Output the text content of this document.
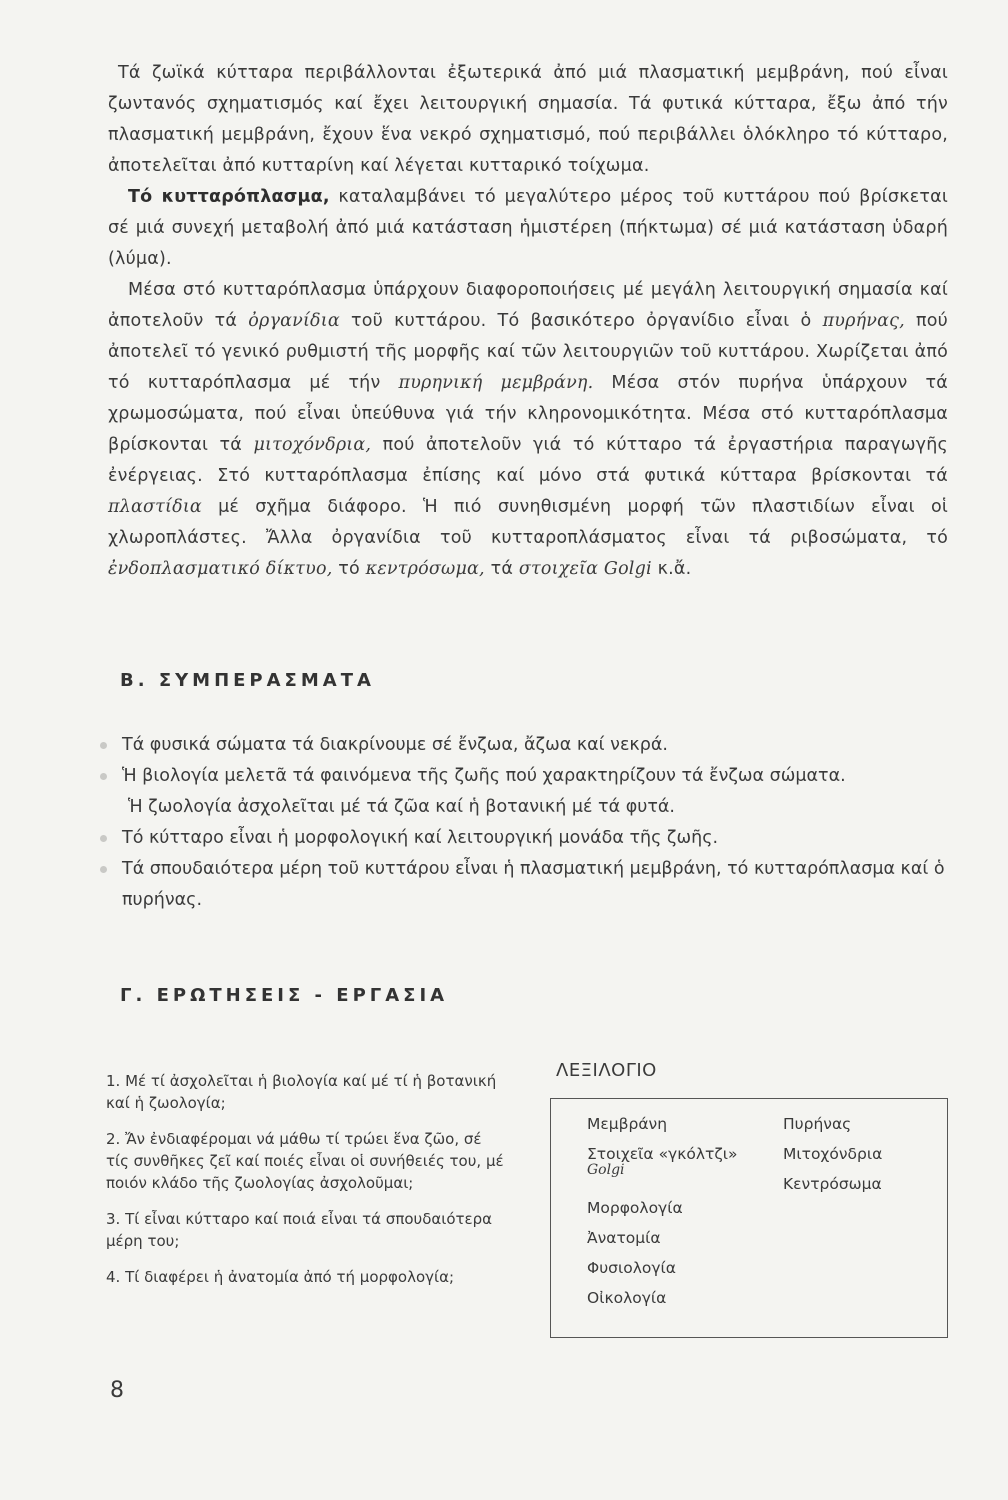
Τά ζωϊκά κύτταρα περιβάλλονται ἐξωτερικά ἀπό μιά πλασματική μεμβράνη, πού εἶναι ζωντανός σχηματισμός καί ἔχει λειτουργική σημασία. Τά φυτικά κύτταρα, ἔξω ἀπό τήν πλασματική μεμβράνη, ἔχουν ἕνα νεκρό σχηματισμό, πού περιβάλλει ὁλόκληρο τό κύτταρο, ἀποτελεῖται ἀπό κυτταρίνη καί λέγεται κυτταρικό τοίχωμα.

Τό κυτταρόπλασμα, καταλαμβάνει τό μεγαλύτερο μέρος τοῦ κυττάρου πού βρίσκεται σέ μιά συνεχή μεταβολή ἀπό μιά κατάσταση ἡμιστέρεη (πήκτωμα) σέ μιά κατάσταση ὑδαρή (λύμα).

Μέσα στό κυτταρόπλασμα ὑπάρχουν διαφοροποιήσεις μέ μεγάλη λειτουργική σημασία καί ἀποτελοῦν τά ὀργανίδια τοῦ κυττάρου. Τό βασικότερο ὀργανίδιο εἶναι ὁ πυρήνας, πού ἀποτελεῖ τό γενικό ρυθμιστή τῆς μορφῆς καί τῶν λειτουργιῶν τοῦ κυττάρου. Χωρίζεται ἀπό τό κυτταρόπλασμα μέ τήν πυρηνική μεμβράνη. Μέσα στόν πυρήνα ὑπάρχουν τά χρωμοσώματα, πού εἶναι ὑπεύθυνα γιά τήν κληρονομικότητα. Μέσα στό κυτταρόπλασμα βρίσκονται τά μιτοχόνδρια, πού ἀποτελοῦν γιά τό κύτταρο τά ἐργαστήρια παραγωγῆς ἐνέργειας. Στό κυτταρόπλασμα ἐπίσης καί μόνο στά φυτικά κύτταρα βρίσκονται τά πλαστίδια μέ σχῆμα διάφορο. Ἡ πιό συνηθισμένη μορφή τῶν πλαστιδίων εἶναι οἱ χλωροπλάστες. Ἄλλα ὀργανίδια τοῦ κυτταροπλάσματος εἶναι τά ριβοσώματα, τό ἐνδοπλασματικό δίκτυο, τό κεντρόσωμα, τά στοιχεῖα Golgi κ.ἄ.

Β. ΣΥΜΠΕΡΑΣΜΑΤΑ
Τά φυσικά σώματα τά διακρίνουμε σέ ἔνζωα, ἄζωα καί νεκρά.
Ἡ βιολογία μελετᾶ τά φαινόμενα τῆς ζωῆς πού χαρακτηρίζουν τά ἔνζωα σώματα.
Ἡ ζωολογία ἀσχολεῖται μέ τά ζῶα καί ἡ βοτανική μέ τά φυτά.
Τό κύτταρο εἶναι ἡ μορφολογική καί λειτουργική μονάδα τῆς ζωῆς.
Τά σπουδαιότερα μέρη τοῦ κυττάρου εἶναι ἡ πλασματική μεμβράνη, τό κυτταρόπλασμα καί ὁ πυρήνας.
Γ. ΕΡΩΤΗΣΕΙΣ - ΕΡΓΑΣΙΑ
1. Μέ τί ἀσχολεῖται ἡ βιολογία καί μέ τί ἡ βοτανική καί ἡ ζωολογία;
2. Ἄν ἐνδιαφέρομαι νά μάθω τί τρώει ἕνα ζῶο, σέ τίς συνθῆκες ζεῖ καί ποιές εἶναι οἱ συνήθειές του, μέ ποιόν κλάδο τῆς ζωολογίας ἀσχολοῦμαι;
3. Τί εἶναι κύτταρο καί ποιά εἶναι τά σπουδαιότερα μέρη του;
4. Τί διαφέρει ἡ ἀνατομία ἀπό τή μορφολογία;
ΛΕΞΙΛΟΓΙΟ
Μεμβράνη
Στοιχεῖα «γκόλτζι»
Golgi
Μορφολογία
Ἀνατομία
Φυσιολογία
Οἰκολογία
Πυρήνας
Μιτοχόνδρια
Κεντρόσωμα
8
